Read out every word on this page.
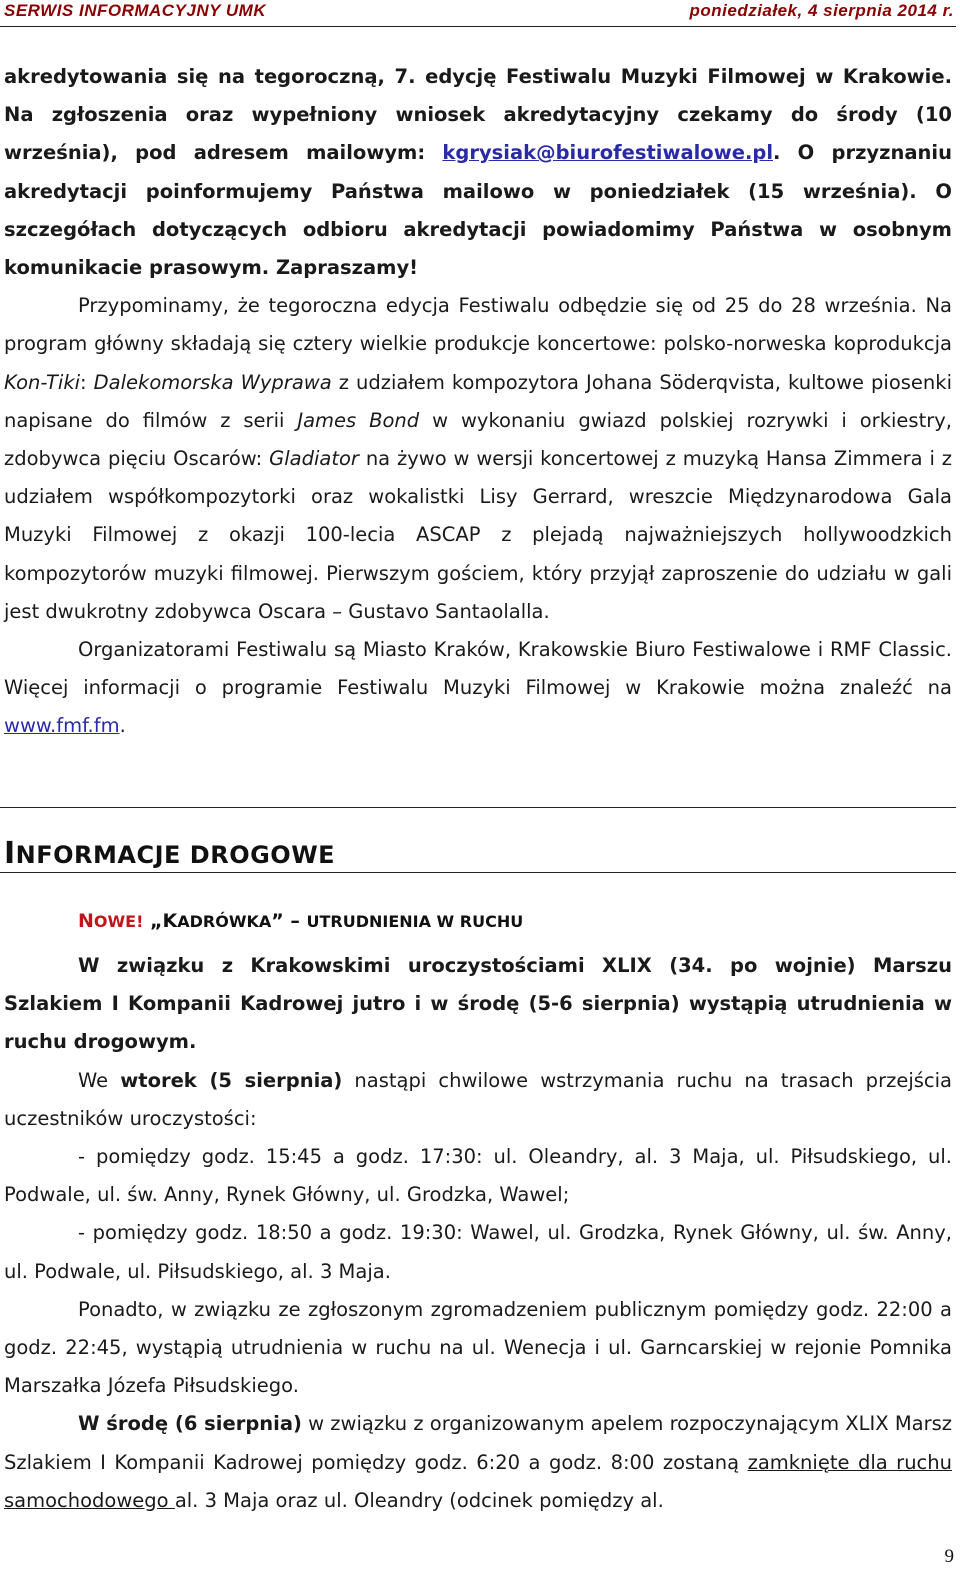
SERWIS INFORMACYJNY UMK	poniedziałek, 4 sierpnia 2014 r.

akredytowania się na tegoroczną, 7. edycję Festiwalu Muzyki Filmowej w Krakowie. Na zgłoszenia oraz wypełniony wniosek akredytacyjny czekamy do środy (10 września), pod adresem mailowym: kgrysiak@biurofestiwalowe.pl. O przyznaniu akredytacji poinformujemy Państwa mailowo w poniedziałek (15 września). O szczegółach dotyczących odbioru akredytacji powiadomimy Państwa w osobnym komunikacie prasowym. Zapraszamy!

Przypominamy, że tegoroczna edycja Festiwalu odbędzie się od 25 do 28 września. Na program główny składają się cztery wielkie produkcje koncertowe: polsko-norweska koprodukcja Kon-Tiki: Dalekomorska Wyprawa z udziałem kompozytora Johana Söderqvista, kultowe piosenki napisane do filmów z serii James Bond w wykonaniu gwiazd polskiej rozrywki i orkiestry, zdobywca pięciu Oscarów: Gladiator na żywo w wersji koncertowej z muzyką Hansa Zimmera i z udziałem współkompozytorki oraz wokalistki Lisy Gerrard, wreszcie Międzynarodowa Gala Muzyki Filmowej z okazji 100-lecia ASCAP z plejadą najważniejszych hollywoodzkich kompozytorów muzyki filmowej. Pierwszym gościem, który przyjął zaproszenie do udziału w gali jest dwukrotny zdobywca Oscara – Gustavo Santaolalla.

Organizatorami Festiwalu są Miasto Kraków, Krakowskie Biuro Festiwalowe i RMF Classic. Więcej informacji o programie Festiwalu Muzyki Filmowej w Krakowie można znaleźć na www.fmf.fm.

INFORMACJE DROGOWE
NOWE! „KADRÓWKA” – UTRUDNIENIA W RUCHU

W związku z Krakowskimi uroczystościami XLIX (34. po wojnie) Marszu Szlakiem I Kompanii Kadrowej jutro i w środę (5-6 sierpnia) wystąpią utrudnienia w ruchu drogowym.

We wtorek (5 sierpnia) nastąpi chwilowe wstrzymania ruchu na trasach przejścia uczestników uroczystości:

- pomiędzy godz. 15:45 a godz. 17:30: ul. Oleandry, al. 3 Maja, ul. Piłsudskiego, ul. Podwale, ul. św. Anny, Rynek Główny, ul. Grodzka, Wawel;

- pomiędzy godz. 18:50 a godz. 19:30: Wawel, ul. Grodzka, Rynek Główny, ul. św. Anny, ul. Podwale, ul. Piłsudskiego, al. 3 Maja.

Ponadto, w związku ze zgłoszonym zgromadzeniem publicznym pomiędzy godz. 22:00 a godz. 22:45, wystąpią utrudnienia w ruchu na ul. Wenecja i ul. Garncarskiej w rejonie Pomnika Marszałka Józefa Piłsudskiego.

W środę (6 sierpnia) w związku z organizowanym apelem rozpoczynającym XLIX Marsz Szlakiem I Kompanii Kadrowej pomiędzy godz. 6:20 a godz. 8:00 zostaną zamknięte dla ruchu samochodowego al. 3 Maja oraz ul. Oleandry (odcinek pomiędzy al.

9
